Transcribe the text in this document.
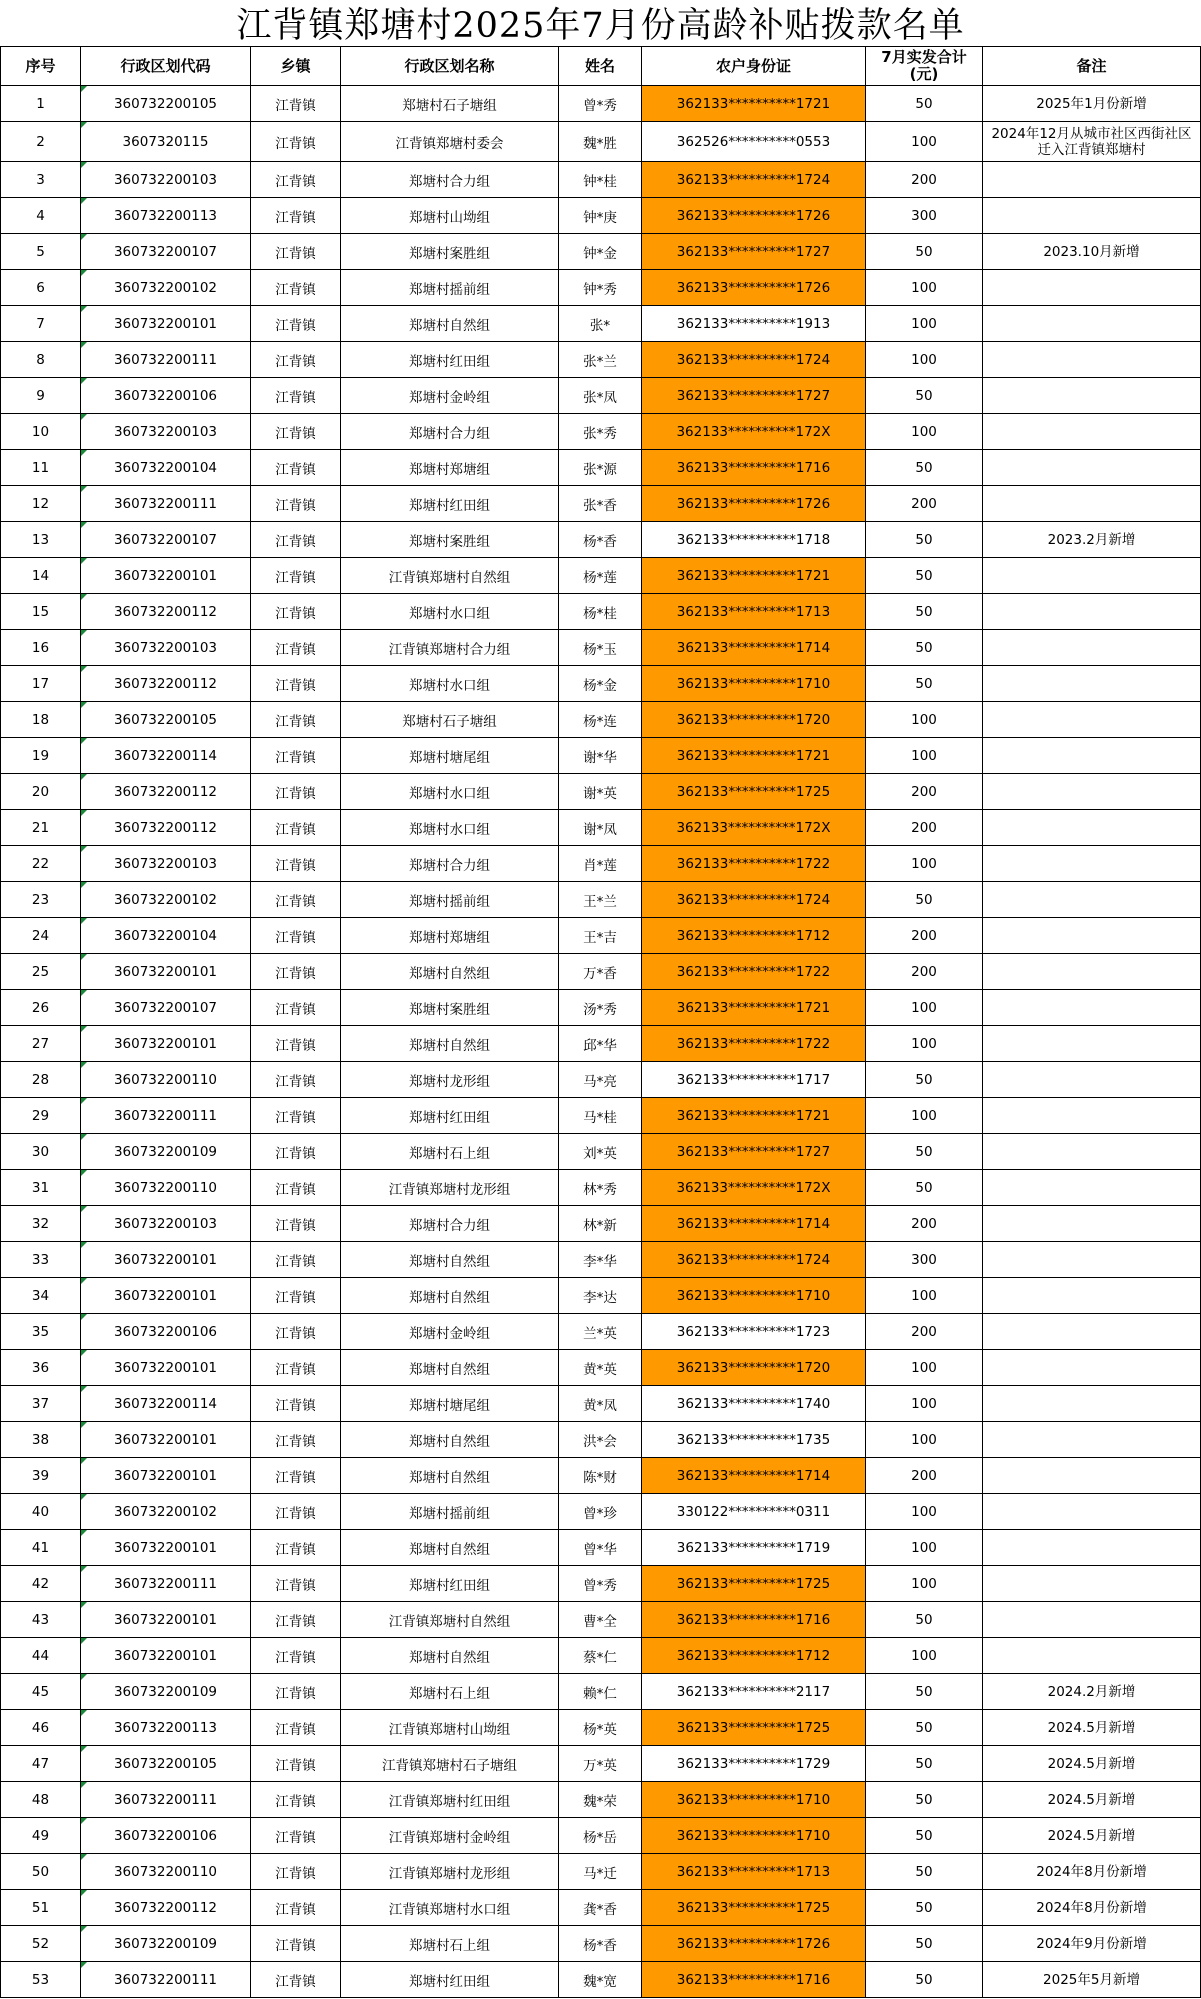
江背镇郑塘村2025年7月份高龄补贴拨款名单
序号	行政区划代码	乡镇	行政区划名称	姓名	农户身份证	7月实发合计(元)	备注
1	360732200105	江背镇	郑塘村石子塘组	曾*秀	362133**********1721	50	2025年1月份新增
2	3607320115	江背镇	江背镇郑塘村委会	魏*胜	362526**********0553	100	2024年12月从城市社区西街社区迁入江背镇郑塘村
3	360732200103	江背镇	郑塘村合力组	钟*桂	362133**********1724	200	
4	360732200113	江背镇	郑塘村山坳组	钟*庚	362133**********1726	300	
5	360732200107	江背镇	郑塘村案胜组	钟*金	362133**********1727	50	2023.10月新增
6	360732200102	江背镇	郑塘村摇前组	钟*秀	362133**********1726	100	
7	360732200101	江背镇	郑塘村自然组	张*	362133**********1913	100	
8	360732200111	江背镇	郑塘村红田组	张*兰	362133**********1724	100	
9	360732200106	江背镇	郑塘村金岭组	张*凤	362133**********1727	50	
10	360732200103	江背镇	郑塘村合力组	张*秀	362133**********172X	100	
11	360732200104	江背镇	郑塘村郑塘组	张*源	362133**********1716	50	
12	360732200111	江背镇	郑塘村红田组	张*香	362133**********1726	200	
13	360732200107	江背镇	郑塘村案胜组	杨*香	362133**********1718	50	2023.2月新增
14	360732200101	江背镇	江背镇郑塘村自然组	杨*莲	362133**********1721	50	
15	360732200112	江背镇	郑塘村水口组	杨*桂	362133**********1713	50	
16	360732200103	江背镇	江背镇郑塘村合力组	杨*玉	362133**********1714	50	
17	360732200112	江背镇	郑塘村水口组	杨*金	362133**********1710	50	
18	360732200105	江背镇	郑塘村石子塘组	杨*连	362133**********1720	100	
19	360732200114	江背镇	郑塘村塘尾组	谢*华	362133**********1721	100	
20	360732200112	江背镇	郑塘村水口组	谢*英	362133**********1725	200	
21	360732200112	江背镇	郑塘村水口组	谢*凤	362133**********172X	200	
22	360732200103	江背镇	郑塘村合力组	肖*莲	362133**********1722	100	
23	360732200102	江背镇	郑塘村摇前组	王*兰	362133**********1724	50	
24	360732200104	江背镇	郑塘村郑塘组	王*吉	362133**********1712	200	
25	360732200101	江背镇	郑塘村自然组	万*香	362133**********1722	200	
26	360732200107	江背镇	郑塘村案胜组	汤*秀	362133**********1721	100	
27	360732200101	江背镇	郑塘村自然组	邱*华	362133**********1722	100	
28	360732200110	江背镇	郑塘村龙形组	马*亮	362133**********1717	50	
29	360732200111	江背镇	郑塘村红田组	马*桂	362133**********1721	100	
30	360732200109	江背镇	郑塘村石上组	刘*英	362133**********1727	50	
31	360732200110	江背镇	江背镇郑塘村龙形组	林*秀	362133**********172X	50	
32	360732200103	江背镇	郑塘村合力组	林*新	362133**********1714	200	
33	360732200101	江背镇	郑塘村自然组	李*华	362133**********1724	300	
34	360732200101	江背镇	郑塘村自然组	李*达	362133**********1710	100	
35	360732200106	江背镇	郑塘村金岭组	兰*英	362133**********1723	200	
36	360732200101	江背镇	郑塘村自然组	黄*英	362133**********1720	100	
37	360732200114	江背镇	郑塘村塘尾组	黄*凤	362133**********1740	100	
38	360732200101	江背镇	郑塘村自然组	洪*会	362133**********1735	100	
39	360732200101	江背镇	郑塘村自然组	陈*财	362133**********1714	200	
40	360732200102	江背镇	郑塘村摇前组	曾*珍	330122**********0311	100	
41	360732200101	江背镇	郑塘村自然组	曾*华	362133**********1719	100	
42	360732200111	江背镇	郑塘村红田组	曾*秀	362133**********1725	100	
43	360732200101	江背镇	江背镇郑塘村自然组	曹*全	362133**********1716	50	
44	360732200101	江背镇	郑塘村自然组	蔡*仁	362133**********1712	100	
45	360732200109	江背镇	郑塘村石上组	赖*仁	362133**********2117	50	2024.2月新增
46	360732200113	江背镇	江背镇郑塘村山坳组	杨*英	362133**********1725	50	2024.5月新增
47	360732200105	江背镇	江背镇郑塘村石子塘组	万*英	362133**********1729	50	2024.5月新增
48	360732200111	江背镇	江背镇郑塘村红田组	魏*荣	362133**********1710	50	2024.5月新增
49	360732200106	江背镇	江背镇郑塘村金岭组	杨*岳	362133**********1710	50	2024.5月新增
50	360732200110	江背镇	江背镇郑塘村龙形组	马*迁	362133**********1713	50	2024年8月份新增
51	360732200112	江背镇	江背镇郑塘村水口组	龚*香	362133**********1725	50	2024年8月份新增
52	360732200109	江背镇	郑塘村石上组	杨*香	362133**********1726	50	2024年9月份新增
53	360732200111	江背镇	郑塘村红田组	魏*宽	362133**********1716	50	2025年5月新增
